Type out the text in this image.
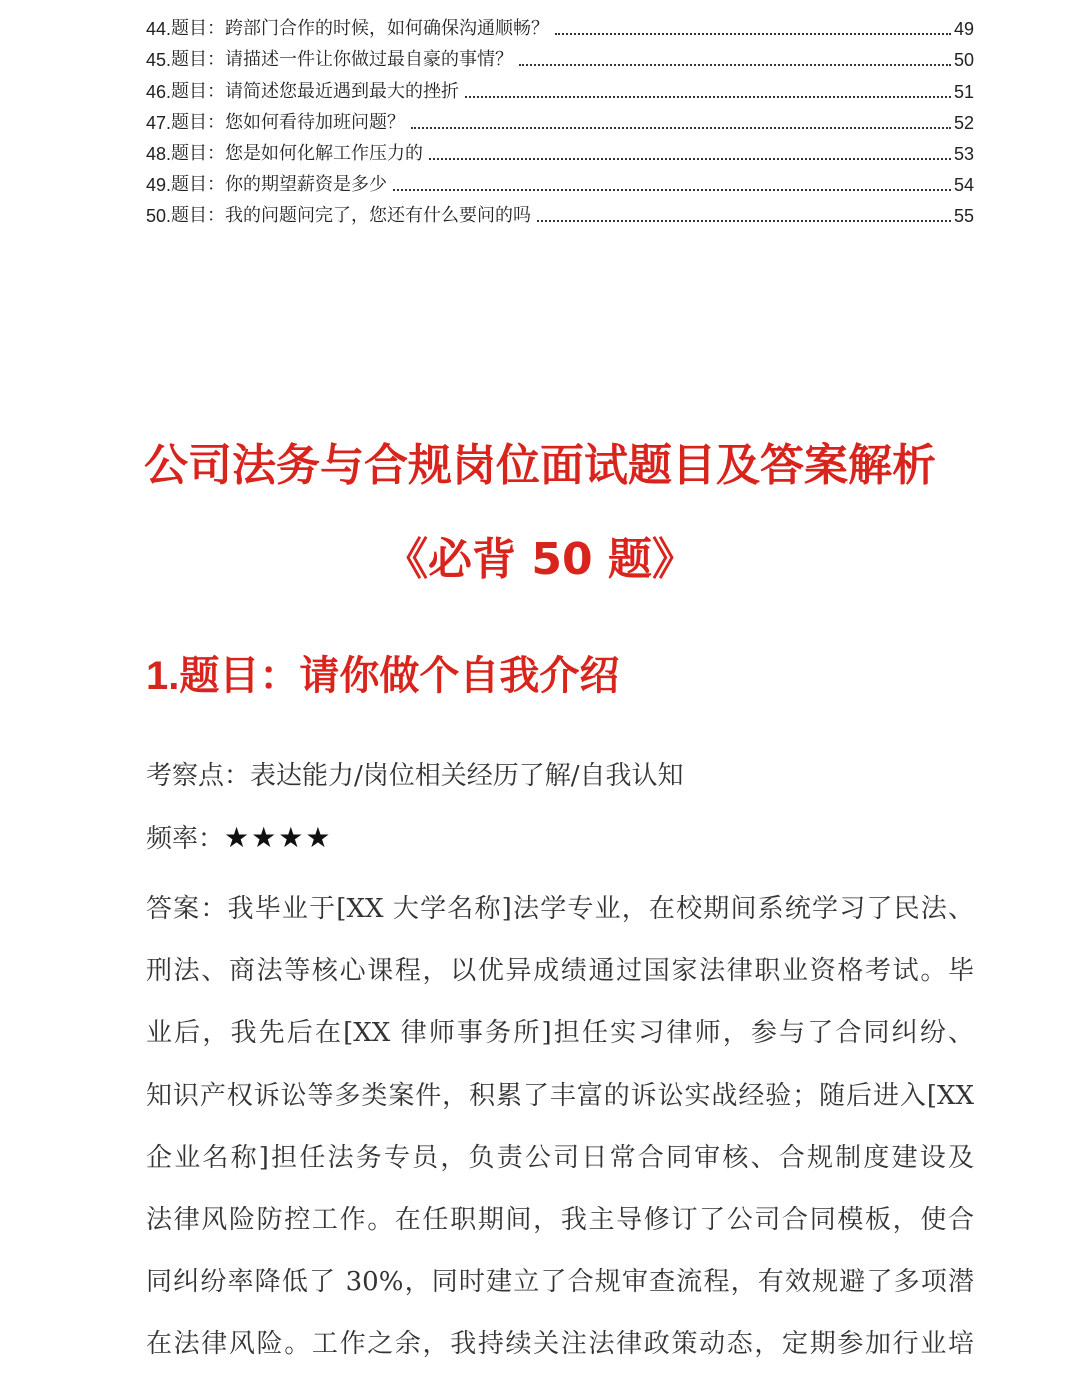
44. 题目： 跨部门合作的时候，如何确保沟通顺畅？	49
45. 题目： 请描述一件让你做过最自豪的事情？	50
46. 题目： 请简述您最近遇到最大的挫折	51
47. 题目： 您如何看待加班问题？	52
48. 题目： 您是如何化解工作压力的	53
49. 题目： 你的期望薪资是多少	54
50. 题目： 我的问题问完了，您还有什么要问的吗	55
公司法务与合规岗位面试题目及答案解析
《必背 50 题》
1.题目：请你做个自我介绍
考察点：表达能力/岗位相关经历了解/自我认知
频率：★★★★
答案：我毕业于[XX 大学名称]法学专业，在校期间系统学习了民法、
刑法、商法等核心课程，以优异成绩通过国家法律职业资格考试。毕
业后，我先后在[XX 律师事务所]担任实习律师，参与了合同纠纷、
知识产权诉讼等多类案件，积累了丰富的诉讼实战经验；随后进入[XX
企业名称]担任法务专员，负责公司日常合同审核、合规制度建设及
法律风险防控工作。在任职期间，我主导修订了公司合同模板，使合
同纠纷率降低了 30%，同时建立了合规审查流程，有效规避了多项潜
在法律风险。工作之余，我持续关注法律政策动态，定期参加行业培
